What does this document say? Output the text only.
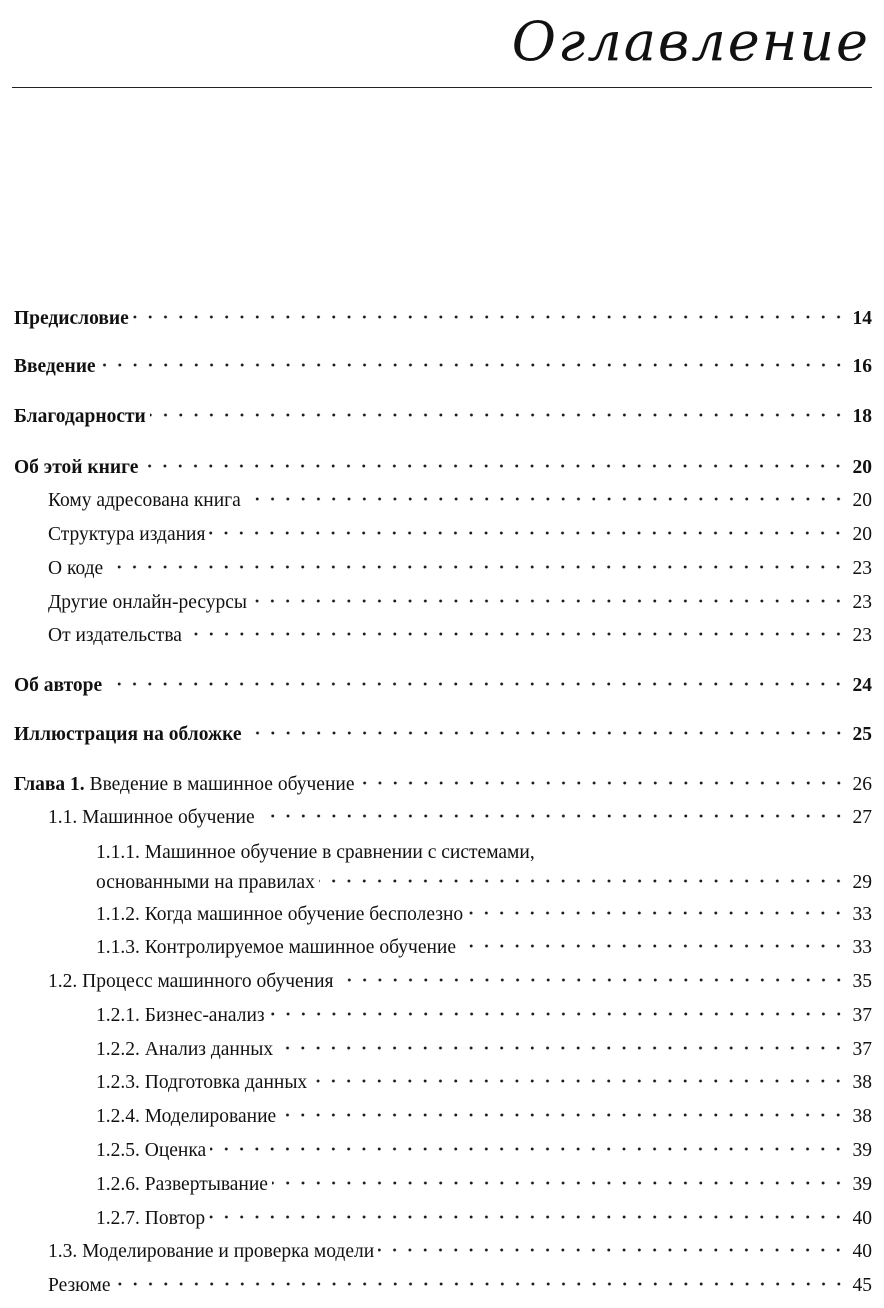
Оглавление
Предисловие	14
Введение	16
Благодарности	18
Об этой книге	20
Кому адресована книга	20
Структура издания	20
О коде	23
Другие онлайн-ресурсы	23
От издательства	23
Об авторе	24
Иллюстрация на обложке	25
Глава 1. Введение в машинное обучение	26
1.1. Машинное обучение	27
1.1.1. Машинное обучение в сравнении с системами,
основанными на правилах	29
1.1.2. Когда машинное обучение бесполезно	33
1.1.3. Контролируемое машинное обучение	33
1.2. Процесс машинного обучения	35
1.2.1. Бизнес-анализ	37
1.2.2. Анализ данных	37
1.2.3. Подготовка данных	38
1.2.4. Моделирование	38
1.2.5. Оценка	39
1.2.6. Развертывание	39
1.2.7. Повтор	40
1.3. Моделирование и проверка модели	40
Резюме	45
